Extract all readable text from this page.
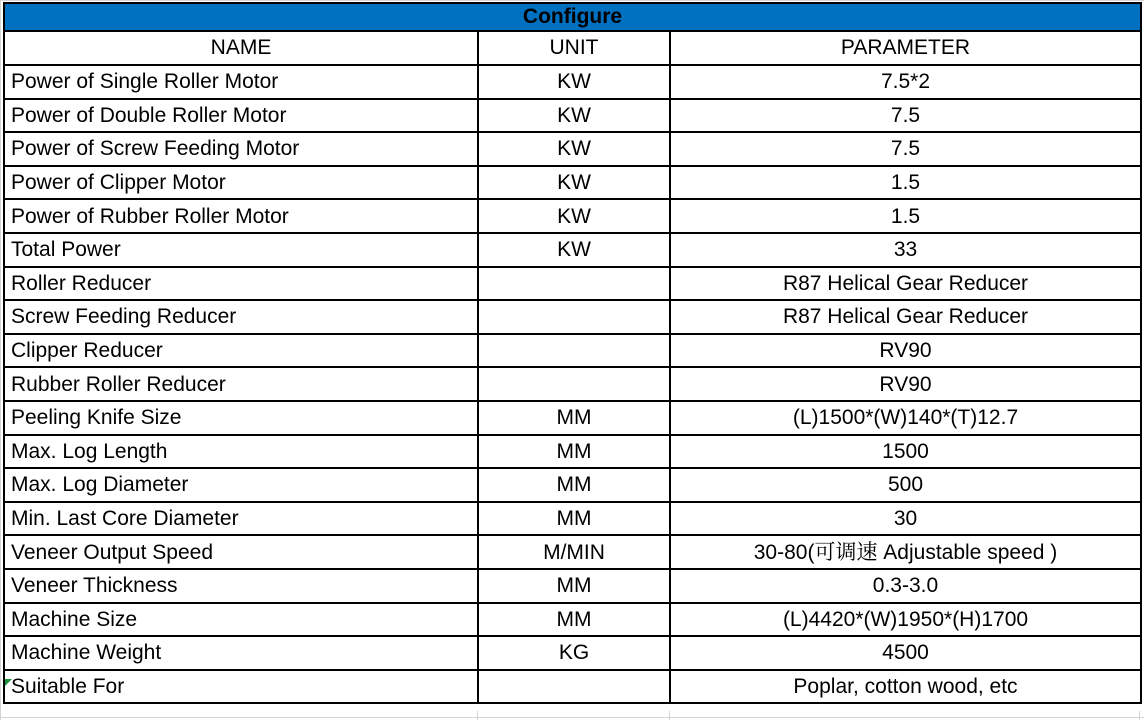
Configure		
NAME	UNIT	PARAMETER
Power of Single Roller Motor	KW	7.5*2
Power of Double Roller Motor	KW	7.5
Power of Screw Feeding Motor	KW	7.5
Power of Clipper Motor	KW	1.5
Power of Rubber Roller Motor	KW	1.5
Total Power	KW	33
Roller Reducer		R87 Helical Gear Reducer
Screw Feeding Reducer		R87 Helical Gear Reducer
Clipper Reducer		RV90
Rubber Roller Reducer		RV90
Peeling Knife Size	MM	(L)1500*(W)140*(T)12.7
Max. Log Length	MM	1500
Max. Log Diameter	MM	500
Min. Last Core Diameter	MM	30
Veneer Output Speed	M/MIN	30-80(可调速 Adjustable speed )
Veneer Thickness	MM	0.3-3.0
Machine Size	MM	(L)4420*(W)1950*(H)1700
Machine Weight	KG	4500
Suitable For		Poplar, cotton wood, etc
